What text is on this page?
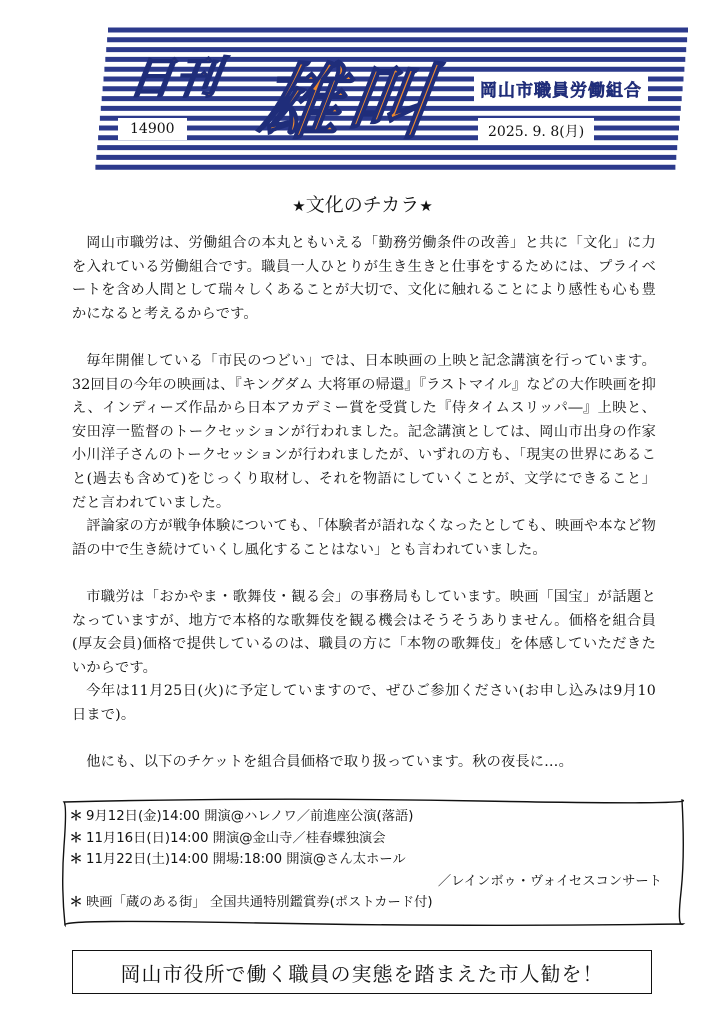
日刊 雄叫	岡山市職員労働組合
14900	2025. 9. 8(月)
★文化のチカラ★

岡山市職労は、労働組合の本丸ともいえる「勤務労働条件の改善」と共に「文化」に力を入れている労働組合です。職員一人ひとりが生き生きと仕事をするためには、プライベートを含め人間として瑞々しくあることが大切で、文化に触れることにより感性も心も豊かになると考えるからです。

毎年開催している「市民のつどい」では、日本映画の上映と記念講演を行っています。32回目の今年の映画は、『キングダム 大将軍の帰還』『ラストマイル』などの大作映画を抑え、インディーズ作品から日本アカデミー賞を受賞した『侍タイムスリッパ―』上映と、安田淳一監督のトークセッションが行われました。記念講演としては、岡山市出身の作家 小川洋子さんのトークセッションが行われましたが、いずれの方も、「現実の世界にあること(過去も含めて)をじっくり取材し、それを物語にしていくことが、文学にできること」だと言われていました。

評論家の方が戦争体験についても、「体験者が語れなくなったとしても、映画や本など物語の中で生き続けていくし風化することはない」とも言われていました。

市職労は「おかやま・歌舞伎・観る会」の事務局もしています。映画「国宝」が話題となっていますが、地方で本格的な歌舞伎を観る機会はそうそうありません。価格を組合員(厚友会員)価格で提供しているのは、職員の方に「本物の歌舞伎」を体感していただきたいからです。

今年は11月25日(火)に予定していますので、ぜひご参加ください(お申し込みは9月10日まで)。

他にも、以下のチケットを組合員価格で取り扱っています。秋の夜長に…。

＊ 9月12日(金)14:00 開演@ハレノワ／前進座公演(落語)
＊ 11月16日(日)14:00 開演@金山寺／桂春蝶独演会
＊ 11月22日(土)14:00 開場:18:00 開演@さん太ホール
／レインボゥ・ヴォイセスコンサート
＊ 映画「蔵のある街」 全国共通特別鑑賞券(ポストカード付)
岡山市役所で働く職員の実態を踏まえた市人勧を！
